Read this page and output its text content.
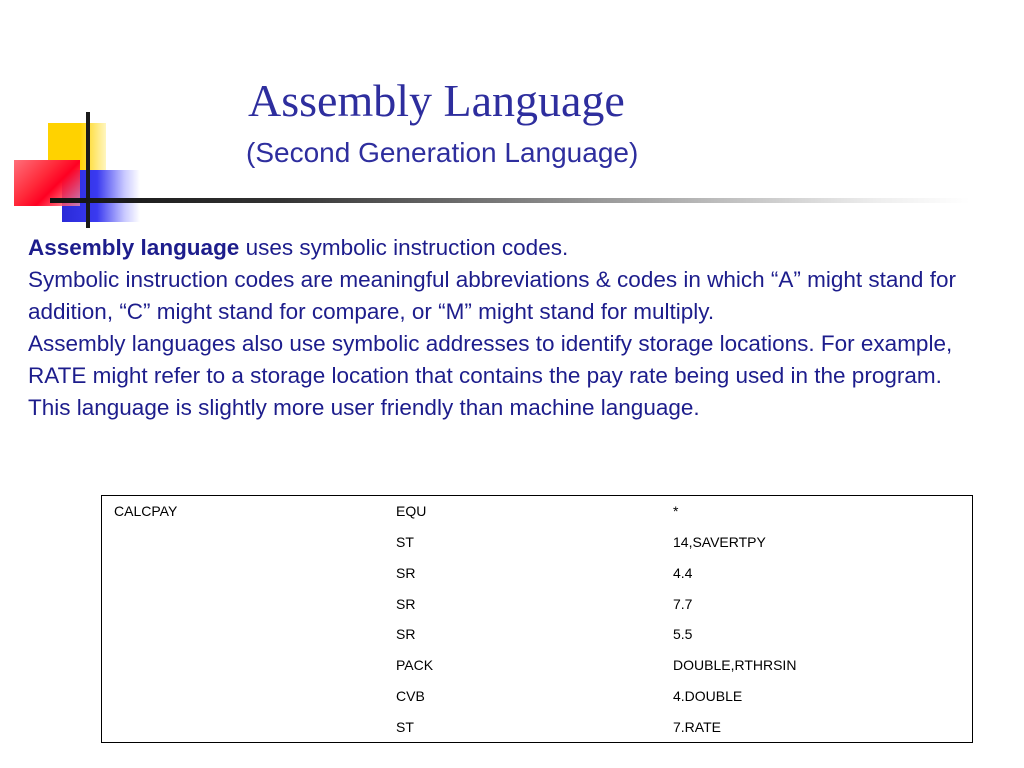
Assembly Language
(Second Generation Language)

Assembly language uses symbolic instruction codes.

Symbolic instruction codes are meaningful abbreviations & codes in which “A” might stand for addition, “C” might stand for compare, or “M” might stand for multiply.

Assembly languages also use symbolic addresses to identify storage locations. For example, RATE might refer to a storage location that contains the pay rate being used in the program.

This language is slightly more user friendly than machine language.

CALCPAY	EQU	*
	ST	14,SAVERTPY
	SR	4.4
	SR	7.7
	SR	5.5
	PACK	DOUBLE,RTHRSIN
	CVB	4.DOUBLE
	ST	7.RATE
